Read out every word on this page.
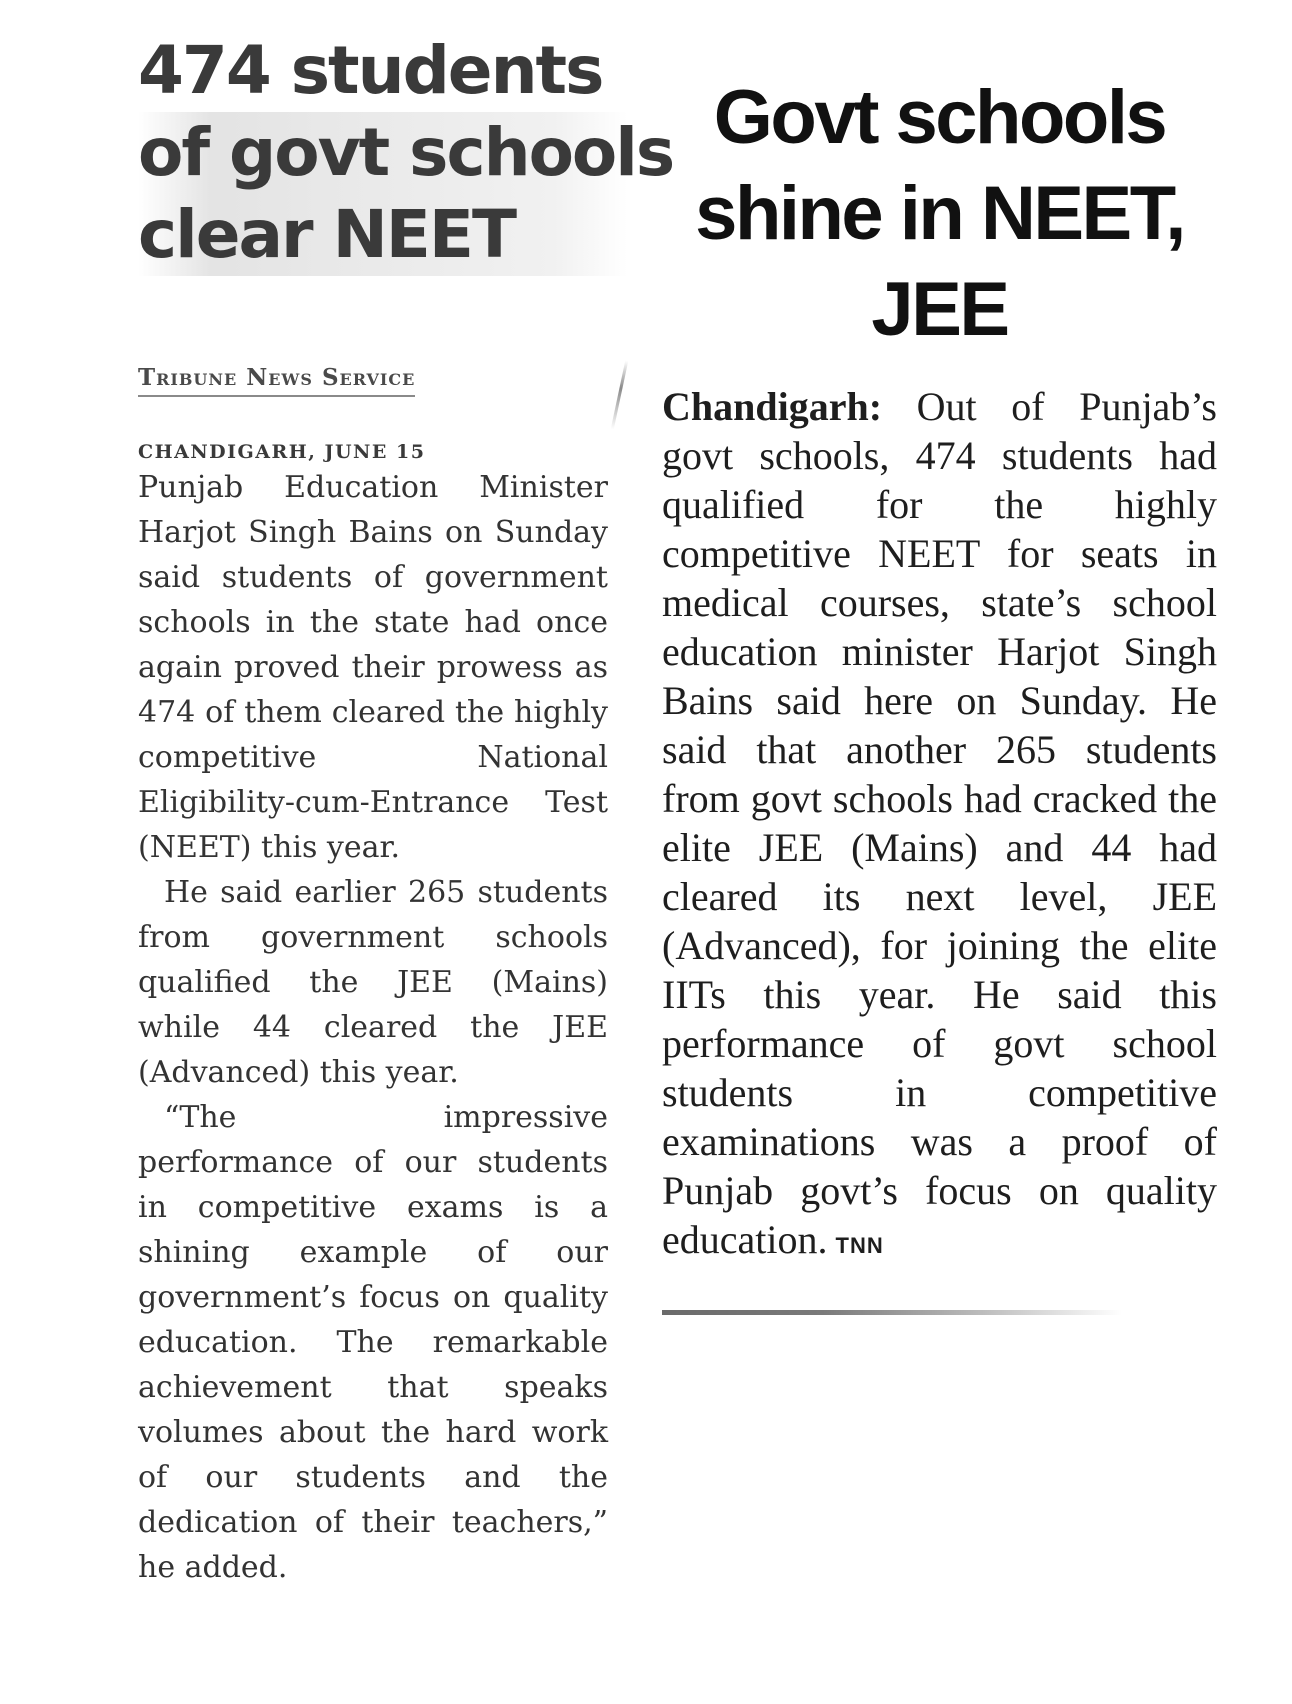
474 students
of govt schools
clear NEET
Tribune News Service
CHANDIGARH, JUNE 15

Punjab Education Minister Harjot Singh Bains on Sunday said students of government schools in the state had once again proved their prowess as 474 of them cleared the highly competitive National Eligibility-cum-Entrance Test (NEET) this year.

He said earlier 265 students from government schools qualified the JEE (Mains) while 44 cleared the JEE (Advanced) this year.

“The impressive performance of our students in competitive exams is a shining example of our government’s focus on quality education. The remarkable achievement that speaks volumes about the hard work of our students and the dedication of their teachers,” he added.

Govt schools
shine in NEET, JEE

Chandigarh: Out of Punjab’s govt schools, 474 students had qualified for the highly competitive NEET for seats in medical courses, state’s school education minister Harjot Singh Bains said here on Sunday. He said that another 265 students from govt schools had cracked the elite JEE (Mains) and 44 had cleared its next level, JEE (Advanced), for joining the elite IITs this year. He said this performance of govt school students in competitive examinations was a proof of Punjab govt’s focus on quality education. TNN
